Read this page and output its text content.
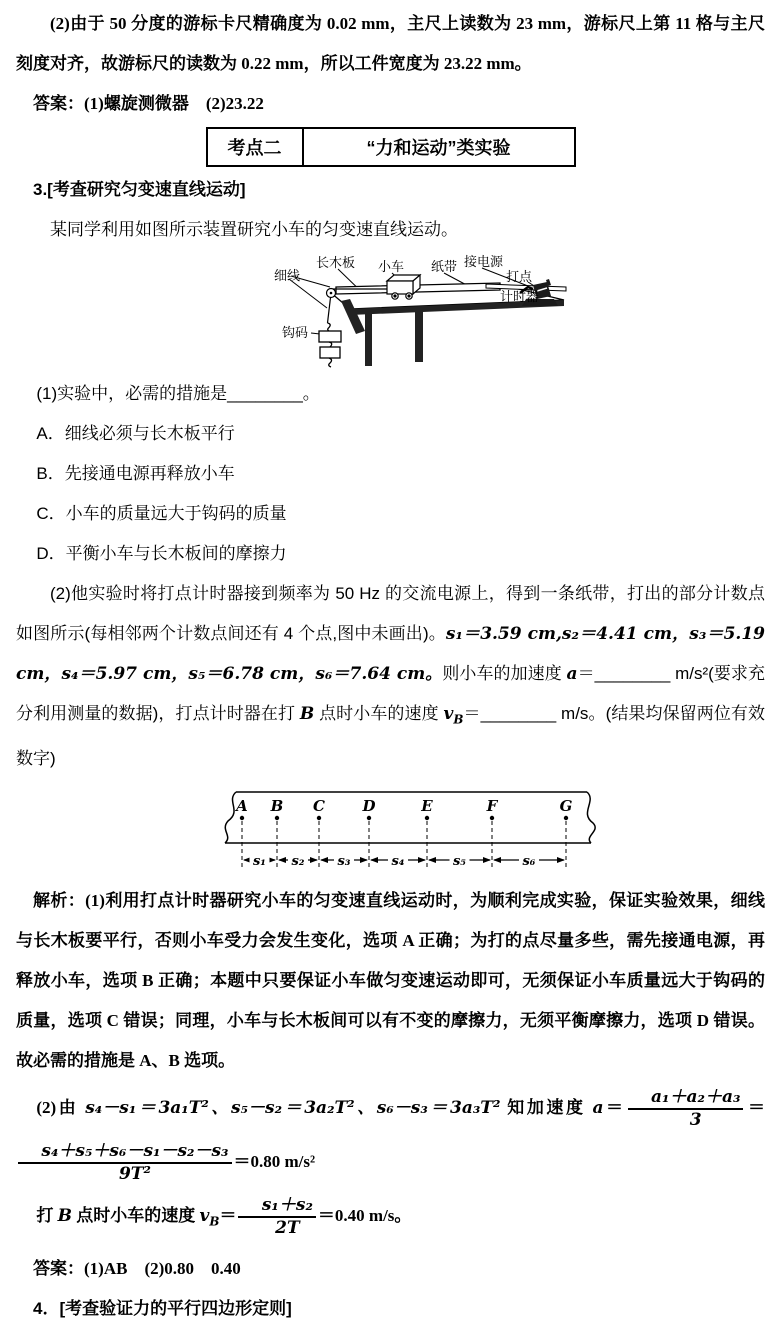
(2)由于 50 分度的游标卡尺精确度为 0.02 mm，主尺上读数为 23 mm，游标尺上第 11 格与主尺刻度对齐，故游标尺的读数为 0.22 mm，所以工件宽度为 23.22 mm。

答案：(1)螺旋测微器　(2)23.22

考点二	“力和运动”类实验

3.[考查研究匀变速直线运动]

某同学利用如图所示装置研究小车的匀变速直线运动。

细线
长木板 小车 纸带 接电源
打点
计时器
钩码

(1)实验中，必需的措施是________。

A．细线必须与长木板平行

B．先接通电源再释放小车

C．小车的质量远大于钩码的质量

D．平衡小车与长木板间的摩擦力

(2)他实验时将打点计时器接到频率为 50 Hz 的交流电源上，得到一条纸带，打出的部分计数点如图所示(每相邻两个计数点间还有 4 个点,图中未画出)。s₁＝3.59 cm,s₂＝4.41 cm，s₃＝5.19 cm，s₄＝5.97 cm，s₅＝6.78 cm，s₆＝7.64 cm。则小车的加速度 a＝________ m/s²(要求充分利用测量的数据)，打点计时器在打 B 点时小车的速度 $v_B=\_\_\_\_\_\_\_\_$ m/s。(结果均保留两位有效数字)

A B C	D	E	F	G
s₁ s₂	s₃	s₄	s₅	s₆

解析：(1)利用打点计时器研究小车的匀变速直线运动时，为顺利完成实验，保证实验效果，细线与长木板要平行，否则小车受力会发生变化，选项 A 正确；为打的点尽量多些，需先接通电源，再释放小车，选项 B 正确；本题中只要保证小车做匀变速运动即可，无须保证小车质量远大于钩码的质量，选项 C 错误；同理，小车与长木板间可以有不变的摩擦力，无须平衡摩擦力，选项 D 错误。故必需的措施是 A、B 选项。

(2)由 s₄－s₁＝3a₁T²、s₅－s₂＝3a₂T²、s₆－s₃＝3a₃T² 知加速度 $a= \frac{\text{a₁＋a₂＋a₃}}{3}$ ＝
$\frac{\text{s₄＋s₅＋s₆－s₁－s₂－s₃}}{\text{9T²}} =0.80$ m/s²

打 B 点时小车的速度 $v_B= \frac{\text{s₁＋s₂}}{2T} =0.40$ m/s。

答案：(1)AB　(2)0.80　0.40

4．[考查验证力的平行四边形定则]
